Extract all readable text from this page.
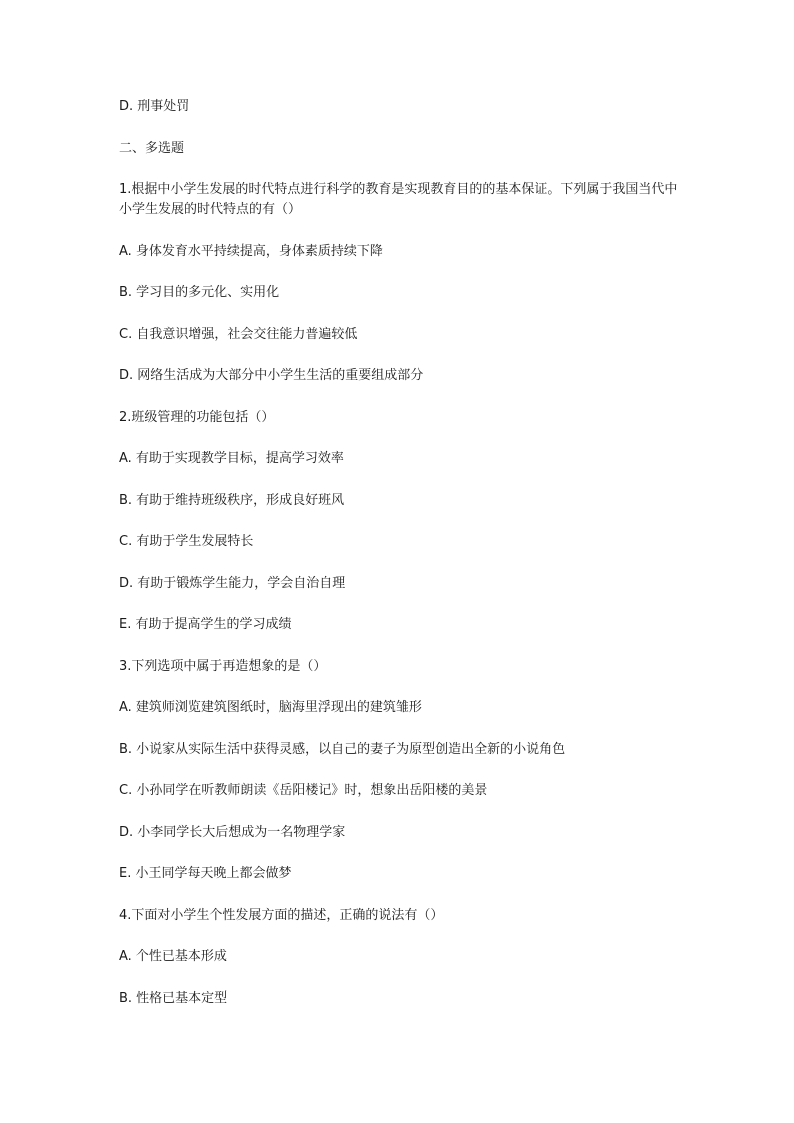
D. 刑事处罚

二、多选题

1.根据中小学生发展的时代特点进行科学的教育是实现教育目的的基本保证。下列属于我国当代中小学生发展的时代特点的有（）

A. 身体发育水平持续提高，身体素质持续下降

B. 学习目的多元化、实用化

C. 自我意识增强，社会交往能力普遍较低

D. 网络生活成为大部分中小学生生活的重要组成部分

2.班级管理的功能包括（）

A. 有助于实现教学目标，提高学习效率

B. 有助于维持班级秩序，形成良好班风

C. 有助于学生发展特长

D. 有助于锻炼学生能力，学会自治自理

E. 有助于提高学生的学习成绩

3.下列选项中属于再造想象的是（）

A. 建筑师浏览建筑图纸时，脑海里浮现出的建筑雏形

B. 小说家从实际生活中获得灵感，以自己的妻子为原型创造出全新的小说角色

C. 小孙同学在听教师朗读《岳阳楼记》时，想象出岳阳楼的美景

D. 小李同学长大后想成为一名物理学家

E. 小王同学每天晚上都会做梦

4.下面对小学生个性发展方面的描述，正确的说法有（）

A. 个性已基本形成

B. 性格已基本定型
